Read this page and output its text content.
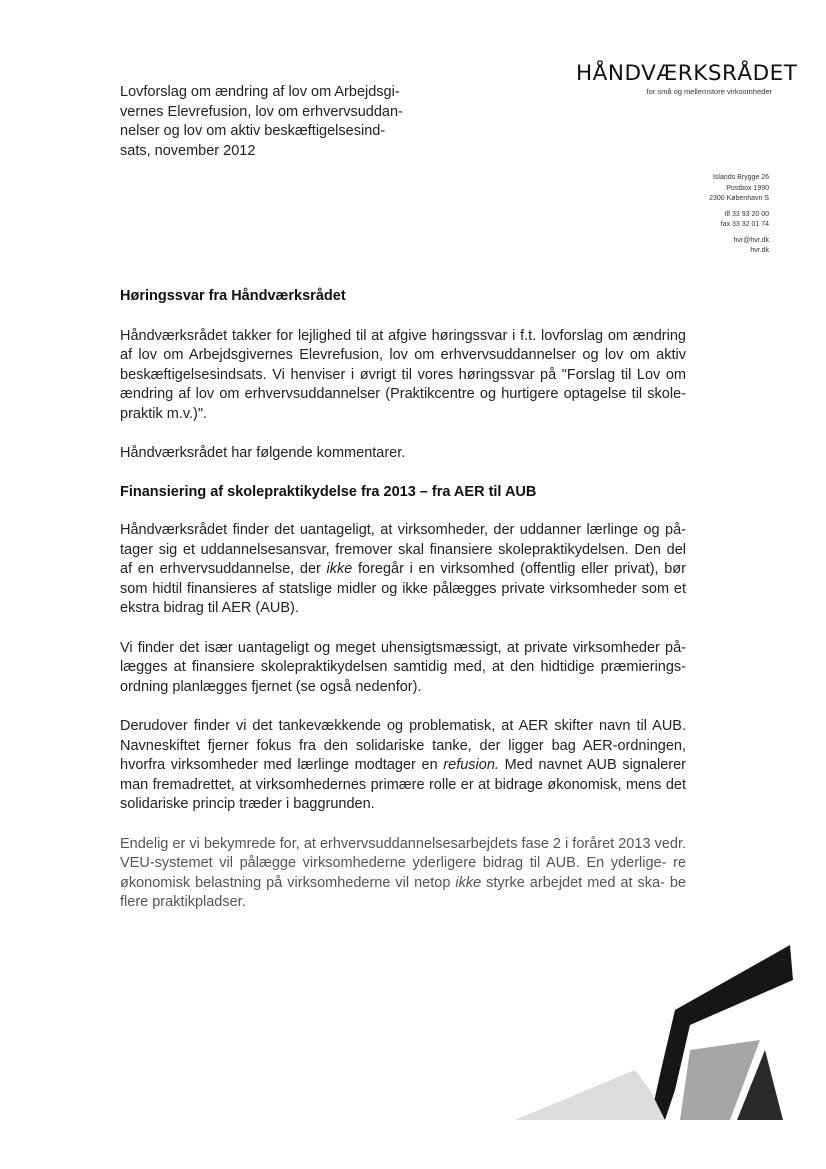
Lovforslag om ændring af lov om Arbejdsgi-
vernes Elevrefusion, lov om erhvervsuddan-
nelser og lov om aktiv beskæftigelsesind-
sats, november 2012
HÅNDVÆRKSRÅDET
for små og mellemstore virksomheder
Islands Brygge 26
Postbox 1990
2300 København S
tlf 33 93 20 00
fax 33 32 01 74
hvr@hvr.dk
hvr.dk
Høringssvar fra Håndværksrådet

Håndværksrådet takker for lejlighed til at afgive høringssvar i f.t. lovforslag om ændring af lov om Arbejdsgivernes Elevrefusion, lov om erhvervsuddannelser og lov om aktiv beskæftigelsesindsats. Vi henviser i øvrigt til vores høringssvar på "Forslag til Lov om ændring af lov om erhvervsuddannelser (Praktikcentre og hurtigere optagelse til skole- praktik m.v.)".

Håndværksrådet har følgende kommentarer.

Finansiering af skolepraktikydelse fra 2013 – fra AER til AUB

Håndværksrådet finder det uantageligt, at virksomheder, der uddanner lærlinge og på- tager sig et uddannelsesansvar, fremover skal finansiere skolepraktikydelsen. Den del af en erhvervsuddannelse, der ikke foregår i en virksomhed (offentlig eller privat), bør som hidtil finansieres af statslige midler og ikke pålægges private virksomheder som et ekstra bidrag til AER (AUB).

Vi finder det især uantageligt og meget uhensigtsmæssigt, at private virksomheder på- lægges at finansiere skolepraktikydelsen samtidig med, at den hidtidige præmierings- ordning planlægges fjernet (se også nedenfor).

Derudover finder vi det tankevækkende og problematisk, at AER skifter navn til AUB. Navneskiftet fjerner fokus fra den solidariske tanke, der ligger bag AER-ordningen, hvorfra virksomheder med lærlinge modtager en refusion. Med navnet AUB signalerer man fremadrettet, at virksomhedernes primære rolle er at bidrage økonomisk, mens det solidariske princip træder i baggrunden.

Endelig er vi bekymrede for, at erhvervsuddannelsesarbejdets fase 2 i foråret 2013 vedr. VEU-systemet vil pålægge virksomhederne yderligere bidrag til AUB. En yderlige- re økonomisk belastning på virksomhederne vil netop ikke styrke arbejdet med at ska- be flere praktikpladser.
